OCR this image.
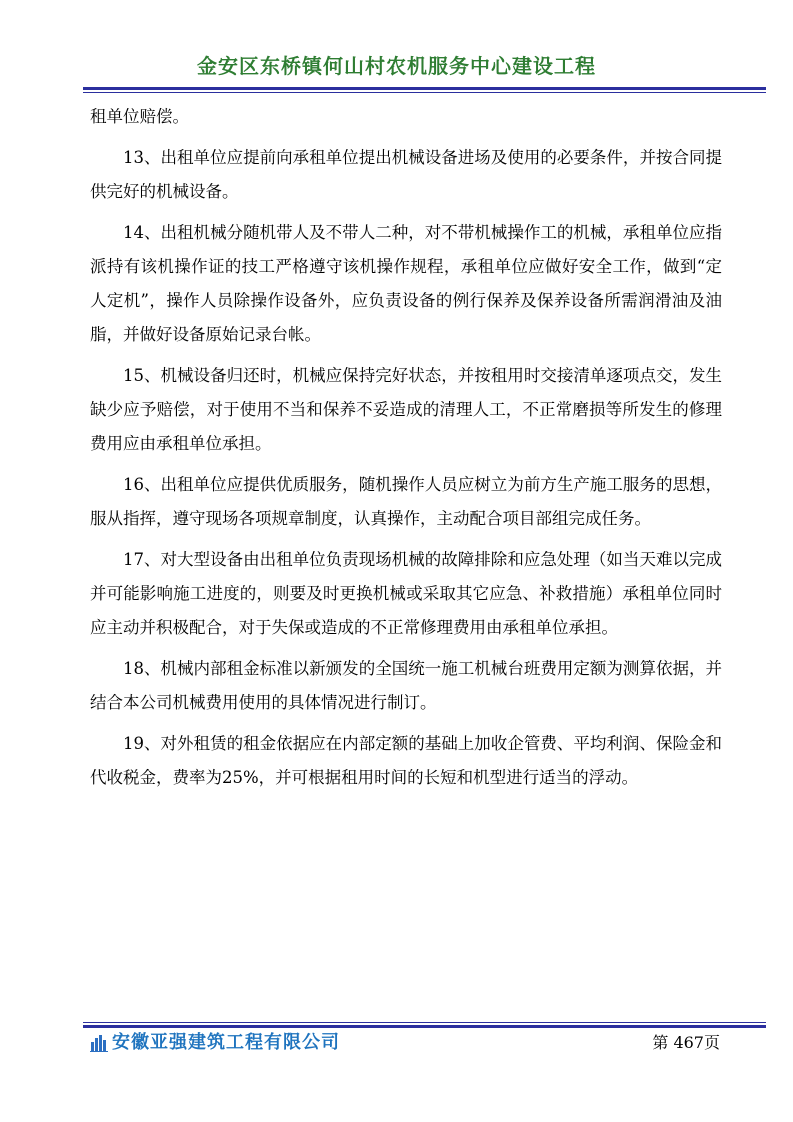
金安区东桥镇何山村农机服务中心建设工程

租单位赔偿。

13、出租单位应提前向承租单位提出机械设备进场及使用的必要条件，并按合同提供完好的机械设备。

14、出租机械分随机带人及不带人二种，对不带机械操作工的机械，承租单位应指派持有该机操作证的技工严格遵守该机操作规程，承租单位应做好安全工作，做到“定人定机”，操作人员除操作设备外，应负责设备的例行保养及保养设备所需润滑油及油脂，并做好设备原始记录台帐。

15、机械设备归还时，机械应保持完好状态，并按租用时交接清单逐项点交，发生缺少应予赔偿，对于使用不当和保养不妥造成的清理人工，不正常磨损等所发生的修理费用应由承租单位承担。

16、出租单位应提供优质服务，随机操作人员应树立为前方生产施工服务的思想，服从指挥，遵守现场各项规章制度，认真操作，主动配合项目部组完成任务。

17、对大型设备由出租单位负责现场机械的故障排除和应急处理（如当天难以完成并可能影响施工进度的，则要及时更换机械或采取其它应急、补救措施）承租单位同时应主动并积极配合，对于失保或造成的不正常修理费用由承租单位承担。

18、机械内部租金标准以新颁发的全国统一施工机械台班费用定额为测算依据，并结合本公司机械费用使用的具体情况进行制订。

19、对外租赁的租金依据应在内部定额的基础上加收企管费、平均利润、保险金和代收税金，费率为25%，并可根据租用时间的长短和机型进行适当的浮动。

安徽亚强建筑工程有限公司	第 467页
